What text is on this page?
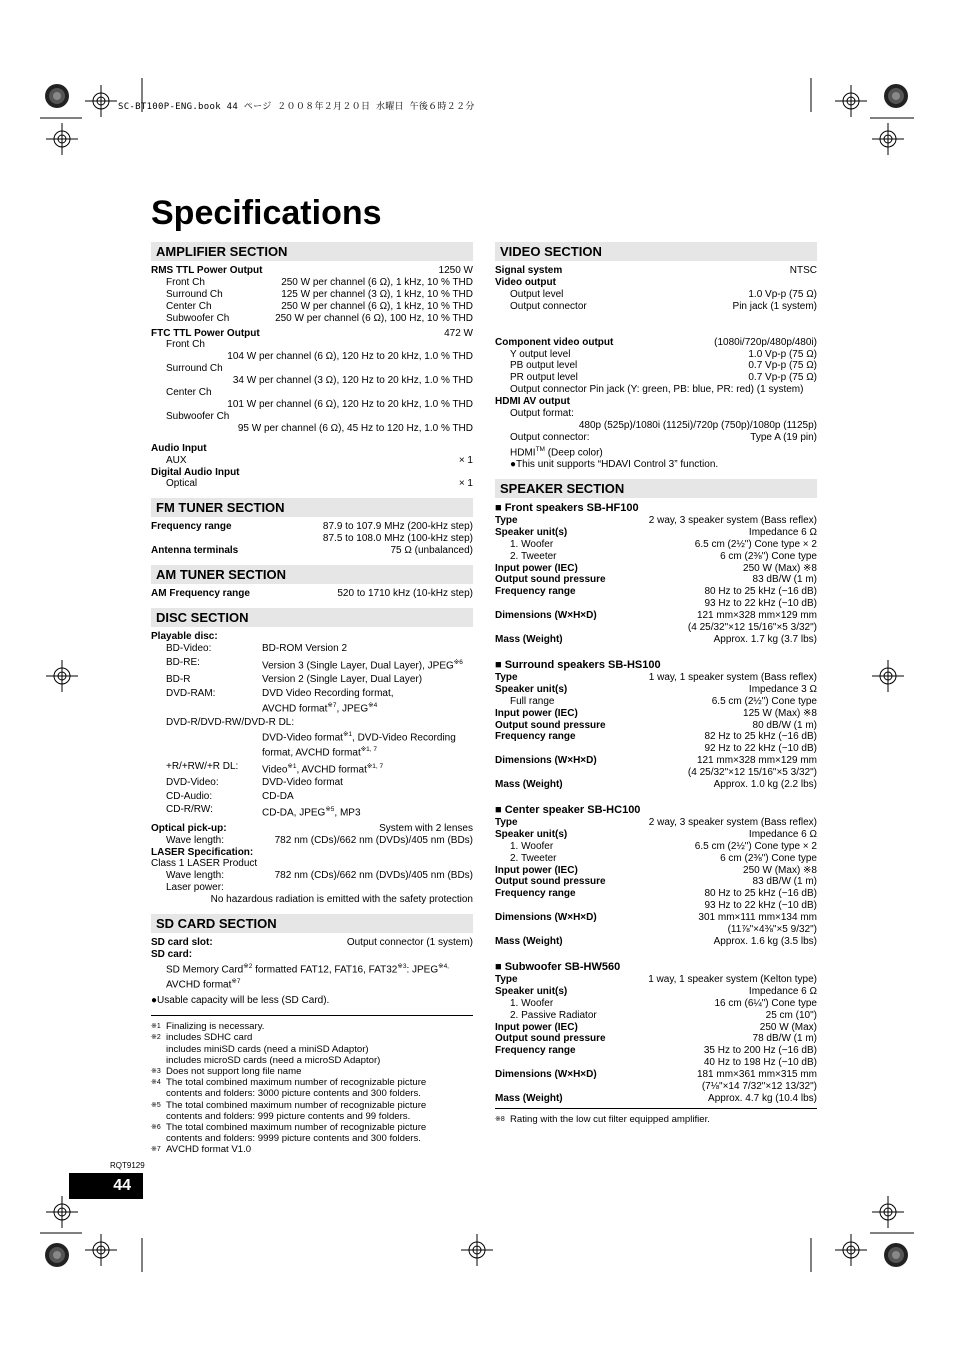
SC-BT100P-ENG.book 44 ページ ２００８年２月２０日 水曜日 午後６時２２分
Specifications
AMPLIFIER SECTION
RMS TTL Power Output	1250 W
Front Ch	250 W per channel (6 Ω), 1 kHz, 10 % THD
Surround Ch	125 W per channel (3 Ω), 1 kHz, 10 % THD
Center Ch	250 W per channel (6 Ω), 1 kHz, 10 % THD
Subwoofer Ch	250 W per channel (6 Ω), 100 Hz, 10 % THD
FTC TTL Power Output	472 W
Front Ch
104 W per channel (6 Ω), 120 Hz to 20 kHz, 1.0 % THD
Surround Ch
34 W per channel (3 Ω), 120 Hz to 20 kHz, 1.0 % THD
Center Ch
101 W per channel (6 Ω), 120 Hz to 20 kHz, 1.0 % THD
Subwoofer Ch
95 W per channel (6 Ω), 45 Hz to 120 Hz, 1.0 % THD
Audio Input
AUX	× 1
Digital Audio Input
Optical	× 1
FM TUNER SECTION
Frequency range	87.9 to 107.9 MHz (200-kHz step)
87.5 to 108.0 MHz (100-kHz step)
Antenna terminals	75 Ω (unbalanced)
AM TUNER SECTION
AM Frequency range	520 to 1710 kHz (10-kHz step)
DISC SECTION
Playable disc:
BD-Video:	BD-ROM Version 2
BD-RE:	Version 3 (Single Layer, Dual Layer), JPEG$^{※6}$
BD-R	Version 2 (Single Layer, Dual Layer)
DVD-RAM:	DVD Video Recording format,
AVCHD format$^{※7}$, JPEG$^{※4}$
DVD-R/DVD-RW/DVD-R DL:
DVD-Video format$^{※1}$, DVD-Video Recording
format, AVCHD format$^{※1, 7}$
+R/+RW/+R DL:	Video$^{※1}$, AVCHD format$^{※1, 7}$
DVD-Video:	DVD-Video format
CD-Audio:	CD-DA
CD-R/RW:	CD-DA, JPEG$^{※5}$, MP3
Optical pick-up:	System with 2 lenses
Wave length:	782 nm (CDs)/662 nm (DVDs)/405 nm (BDs)
LASER Specification:
Class 1 LASER Product
Wave length:	782 nm (CDs)/662 nm (DVDs)/405 nm (BDs)
Laser power:
No hazardous radiation is emitted with the safety protection
SD CARD SECTION
SD card slot:	Output connector (1 system)
SD card:
SD Memory Card$^{※2}$ formatted FAT12, FAT16, FAT32$^{※3}$: $JPEG^{※4,}$
AVCHD format$^{※7}$
●Usable capacity will be less (SD Card).
※1 Finalizing is necessary.
※2 includes SDHC card
includes miniSD cards (need a miniSD Adaptor)
includes microSD cards (need a microSD Adaptor)
※3 Does not support long file name
※4 The total combined maximum number of recognizable picture
contents and folders: 3000 picture contents and 300 folders.
※5 The total combined maximum number of recognizable picture
contents and folders: 999 picture contents and 99 folders.
※6 The total combined maximum number of recognizable picture
contents and folders: 9999 picture contents and 300 folders.
※7 AVCHD format V1.0
VIDEO SECTION
Signal system	NTSC
Video output
Output level	1.0 Vp-p (75 Ω)
Output connector	Pin jack (1 system)
Component video output	(1080i/720p/480p/480i)
Y output level	1.0 Vp-p (75 Ω)
PB output level	0.7 Vp-p (75 Ω)
PR output level	0.7 Vp-p (75 Ω)
Output connector Pin jack (Y: green, PB: blue, PR: red) (1 system)
HDMI AV output
Output format:
480p (525p)/1080i (1125i)/720p (750p)/1080p (1125p)
Output connector:	Type A (19 pin)
HDMI™ (Deep color)
●This unit supports “HDAVI Control 3” function.
SPEAKER SECTION
■ Front speakers SB-HF100
Type	2 way, 3 speaker system (Bass reflex)
Speaker unit(s)	Impedance 6 Ω
1. Woofer	6.5 cm (2½") Cone type × 2
2. Tweeter	6 cm (2⅜") Cone type
Input power (IEC)	250 W (Max) ※8
Output sound pressure	83 dB/W (1 m)
Frequency range	80 Hz to 25 kHz (−16 dB)
93 Hz to 22 kHz (−10 dB)
Dimensions (W×H×D)	121 mm×328 mm×129 mm
(4 25/32"×12 15/16"×5 3/32")
Mass (Weight)	Approx. 1.7 kg (3.7 lbs)
■ Surround speakers SB-HS100
Type	1 way, 1 speaker system (Bass reflex)
Speaker unit(s)	Impedance 3 Ω
Full range	6.5 cm (2½") Cone type
Input power (IEC)	125 W (Max) ※8
Output sound pressure	80 dB/W (1 m)
Frequency range	82 Hz to 25 kHz (−16 dB)
92 Hz to 22 kHz (−10 dB)
Dimensions (W×H×D)	121 mm×328 mm×129 mm
(4 25/32"×12 15/16"×5 3/32")
Mass (Weight)	Approx. 1.0 kg (2.2 lbs)
■ Center speaker SB-HC100
Type	2 way, 3 speaker system (Bass reflex)
Speaker unit(s)	Impedance 6 Ω
1. Woofer	6.5 cm (2½") Cone type × 2
2. Tweeter	6 cm (2⅜") Cone type
Input power (IEC)	250 W (Max) ※8
Output sound pressure	83 dB/W (1 m)
Frequency range	80 Hz to 25 kHz (−16 dB)
93 Hz to 22 kHz (−10 dB)
Dimensions (W×H×D)	301 mm×111 mm×134 mm
(11⅞"×4⅜"×5 9/32")
Mass (Weight)	Approx. 1.6 kg (3.5 lbs)
■ Subwoofer SB-HW560
Type	1 way, 1 speaker system (Kelton type)
Speaker unit(s)	Impedance 6 Ω
1. Woofer	16 cm (6¼") Cone type
2. Passive Radiator	25 cm (10")
Input power (IEC)	250 W (Max)
Output sound pressure	78 dB/W (1 m)
Frequency range	35 Hz to 200 Hz (−16 dB)
40 Hz to 198 Hz (−10 dB)
Dimensions (W×H×D)	181 mm×361 mm×315 mm
(7⅛"×14 7/32"×12 13/32")
Mass (Weight)	Approx. 4.7 kg (10.4 lbs)
※8 Rating with the low cut filter equipped amplifier.
RQT9129
44
